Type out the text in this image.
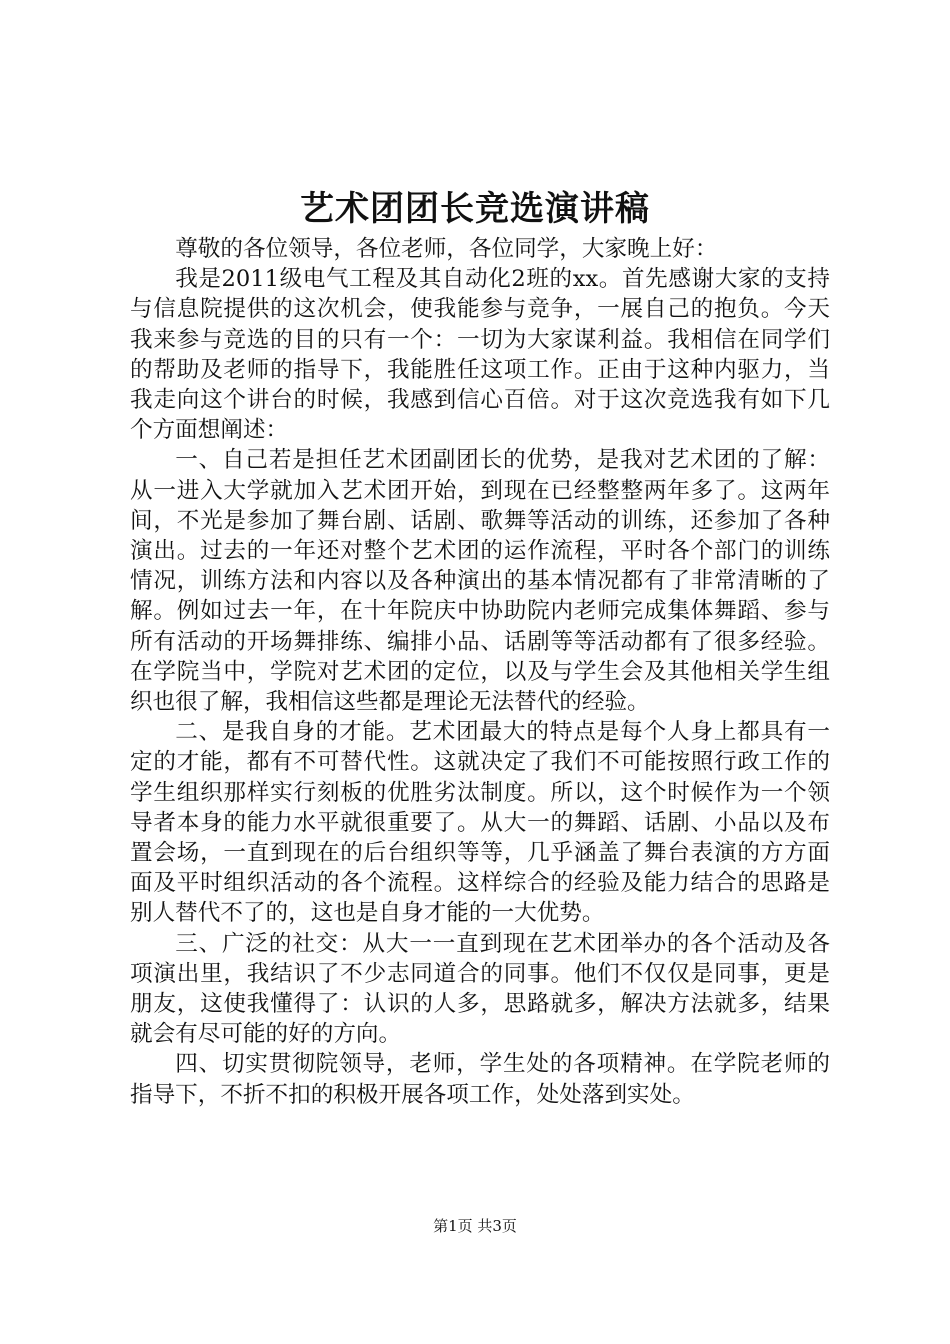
艺术团团长竞选演讲稿

尊敬的各位领导，各位老师，各位同学，大家晚上好：

我是2011级电气工程及其自动化2班的xx。首先感谢大家的支持与信息院提供的这次机会，使我能参与竞争，一展自己的抱负。今天我来参与竞选的目的只有一个：一切为大家谋利益。我相信在同学们的帮助及老师的指导下，我能胜任这项工作。正由于这种内驱力，当我走向这个讲台的时候，我感到信心百倍。对于这次竞选我有如下几个方面想阐述：

一、自己若是担任艺术团副团长的优势，是我对艺术团的了解：从一进入大学就加入艺术团开始，到现在已经整整两年多了。这两年间，不光是参加了舞台剧、话剧、歌舞等活动的训练，还参加了各种演出。过去的一年还对整个艺术团的运作流程，平时各个部门的训练情况，训练方法和内容以及各种演出的基本情况都有了非常清晰的了解。例如过去一年，在十年院庆中协助院内老师完成集体舞蹈、参与所有活动的开场舞排练、编排小品、话剧等等活动都有了很多经验。在学院当中，学院对艺术团的定位，以及与学生会及其他相关学生组织也很了解，我相信这些都是理论无法替代的经验。

二、是我自身的才能。艺术团最大的特点是每个人身上都具有一定的才能，都有不可替代性。这就决定了我们不可能按照行政工作的学生组织那样实行刻板的优胜劣汰制度。所以，这个时候作为一个领导者本身的能力水平就很重要了。从大一的舞蹈、话剧、小品以及布置会场，一直到现在的后台组织等等，几乎涵盖了舞台表演的方方面面及平时组织活动的各个流程。这样综合的经验及能力结合的思路是别人替代不了的，这也是自身才能的一大优势。

三、广泛的社交：从大一一直到现在艺术团举办的各个活动及各项演出里，我结识了不少志同道合的同事。他们不仅仅是同事，更是朋友，这使我懂得了：认识的人多，思路就多，解决方法就多，结果就会有尽可能的好的方向。

四、切实贯彻院领导，老师，学生处的各项精神。在学院老师的指导下，不折不扣的积极开展各项工作，处处落到实处。

第1页 共3页
